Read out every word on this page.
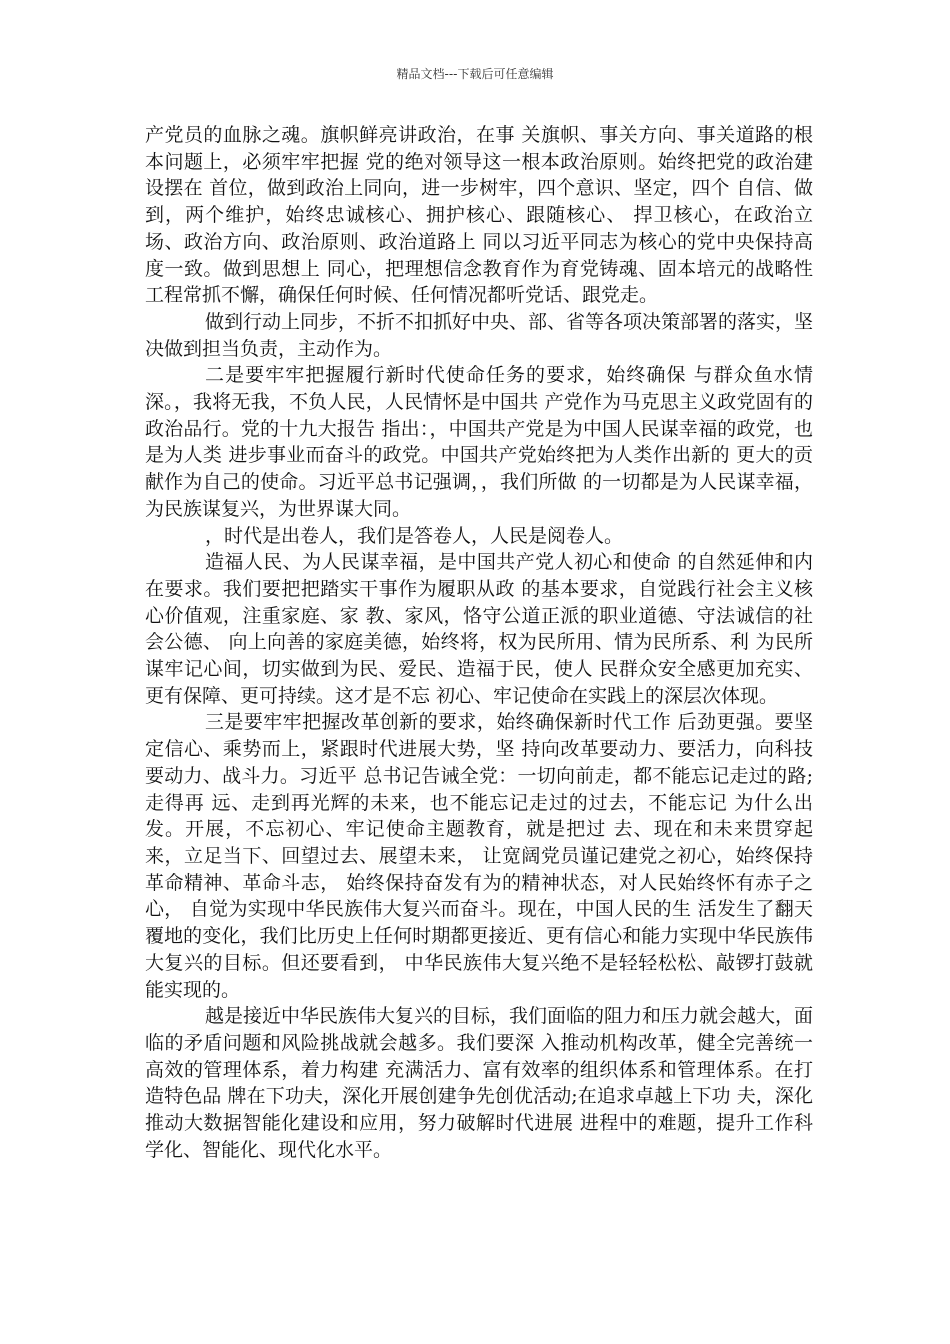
精品文档---下载后可任意编辑

产党员的血脉之魂。旗帜鲜亮讲政治，在事 关旗帜、事关方向、事关道路的根本问题上，必须牢牢把握 党的绝对领导这一根本政治原则。始终把党的政治建设摆在 首位，做到政治上同向，进一步树牢，四个意识、坚定，四个 自信、做到，两个维护，始终忠诚核心、拥护核心、跟随核心、 捍卫核心，在政治立场、政治方向、政治原则、政治道路上 同以习近平同志为核心的党中央保持高度一致。做到思想上 同心，把理想信念教育作为育党铸魂、固本培元的战略性工程常抓不懈，确保任何时候、任何情况都听党话、跟党走。

做到行动上同步，不折不扣抓好中央、部、省等各项决策部署的落实，坚决做到担当负责，主动作为。

二是要牢牢把握履行新时代使命任务的要求，始终确保 与群众鱼水情深。，我将无我，不负人民，人民情怀是中国共 产党作为马克思主义政党固有的政治品行。党的十九大报告 指出：，中国共产党是为中国人民谋幸福的政党，也是为人类 进步事业而奋斗的政党。中国共产党始终把为人类作出新的 更大的贡献作为自己的使命。习近平总书记强调，，我们所做 的一切都是为人民谋幸福，为民族谋复兴，为世界谋大同。

，时代是出卷人，我们是答卷人，人民是阅卷人。

造福人民、为人民谋幸福，是中国共产党人初心和使命 的自然延伸和内在要求。我们要把把踏实干事作为履职从政 的基本要求，自觉践行社会主义核心价值观，注重家庭、家 教、家风，恪守公道正派的职业道德、守法诚信的社会公德、 向上向善的家庭美德，始终将，权为民所用、情为民所系、利 为民所谋牢记心间，切实做到为民、爱民、造福于民，使人 民群众安全感更加充实、更有保障、更可持续。这才是不忘 初心、牢记使命在实践上的深层次体现。

三是要牢牢把握改革创新的要求，始终确保新时代工作 后劲更强。要坚定信心、乘势而上，紧跟时代进展大势，坚 持向改革要动力、要活力，向科技要动力、战斗力。习近平 总书记告诫全党：一切向前走，都不能忘记走过的路;走得再 远、走到再光辉的未来，也不能忘记走过的过去，不能忘记 为什么出发。开展，不忘初心、牢记使命主题教育，就是把过 去、现在和未来贯穿起来，立足当下、回望过去、展望未来， 让宽阔党员谨记建党之初心，始终保持革命精神、革命斗志， 始终保持奋发有为的精神状态，对人民始终怀有赤子之心， 自觉为实现中华民族伟大复兴而奋斗。现在，中国人民的生 活发生了翻天覆地的变化，我们比历史上任何时期都更接近、更有信心和能力实现中华民族伟大复兴的目标。但还要看到， 中华民族伟大复兴绝不是轻轻松松、敲锣打鼓就能实现的。

越是接近中华民族伟大复兴的目标，我们面临的阻力和压力就会越大，面临的矛盾问题和风险挑战就会越多。我们要深 入推动机构改革，健全完善统一高效的管理体系，着力构建 充满活力、富有效率的组织体系和管理体系。在打造特色品 牌在下功夫，深化开展创建争先创优活动;在追求卓越上下功 夫，深化推动大数据智能化建设和应用，努力破解时代进展 进程中的难题，提升工作科学化、智能化、现代化水平。
